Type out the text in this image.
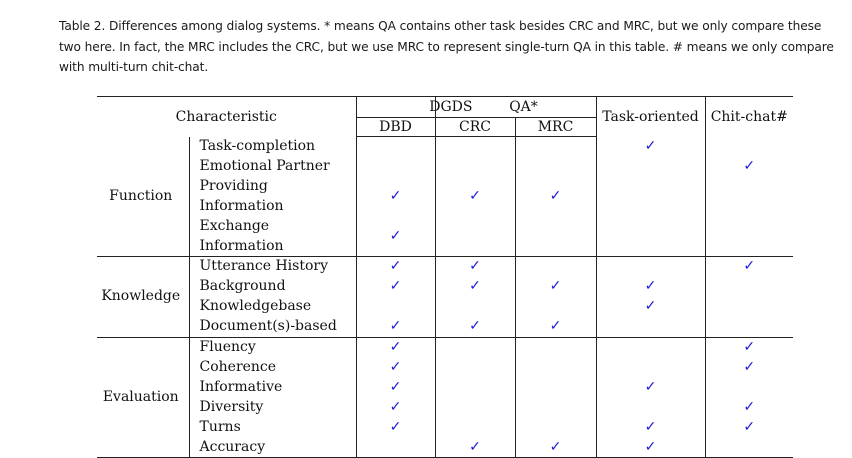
Table 2. Differences among dialog systems. * means QA contains other task besides CRC and MRC, but we only compare these two here. In fact, the MRC includes the CRC, but we use MRC to represent single-turn QA in this table. # means we only compare with multi-turn chit-chat.
Characteristic		DGDS	QA*		Task-oriented	Chit-chat#
		DBD	CRC	MRC		
Function	Task-completion				✓	
	Emotional Partner					✓
	Providing Information	✓	✓	✓		
	Exchange Information	✓				
Knowledge	Utterance History	✓	✓			✓
	Background	✓	✓	✓	✓	
	Knowledgebase				✓	
	Document(s)-based	✓	✓	✓		
Evaluation	Fluency	✓				✓
	Coherence	✓				✓
	Informative	✓			✓	
	Diversity	✓				✓
	Turns	✓			✓	✓
	Accuracy		✓	✓	✓	
